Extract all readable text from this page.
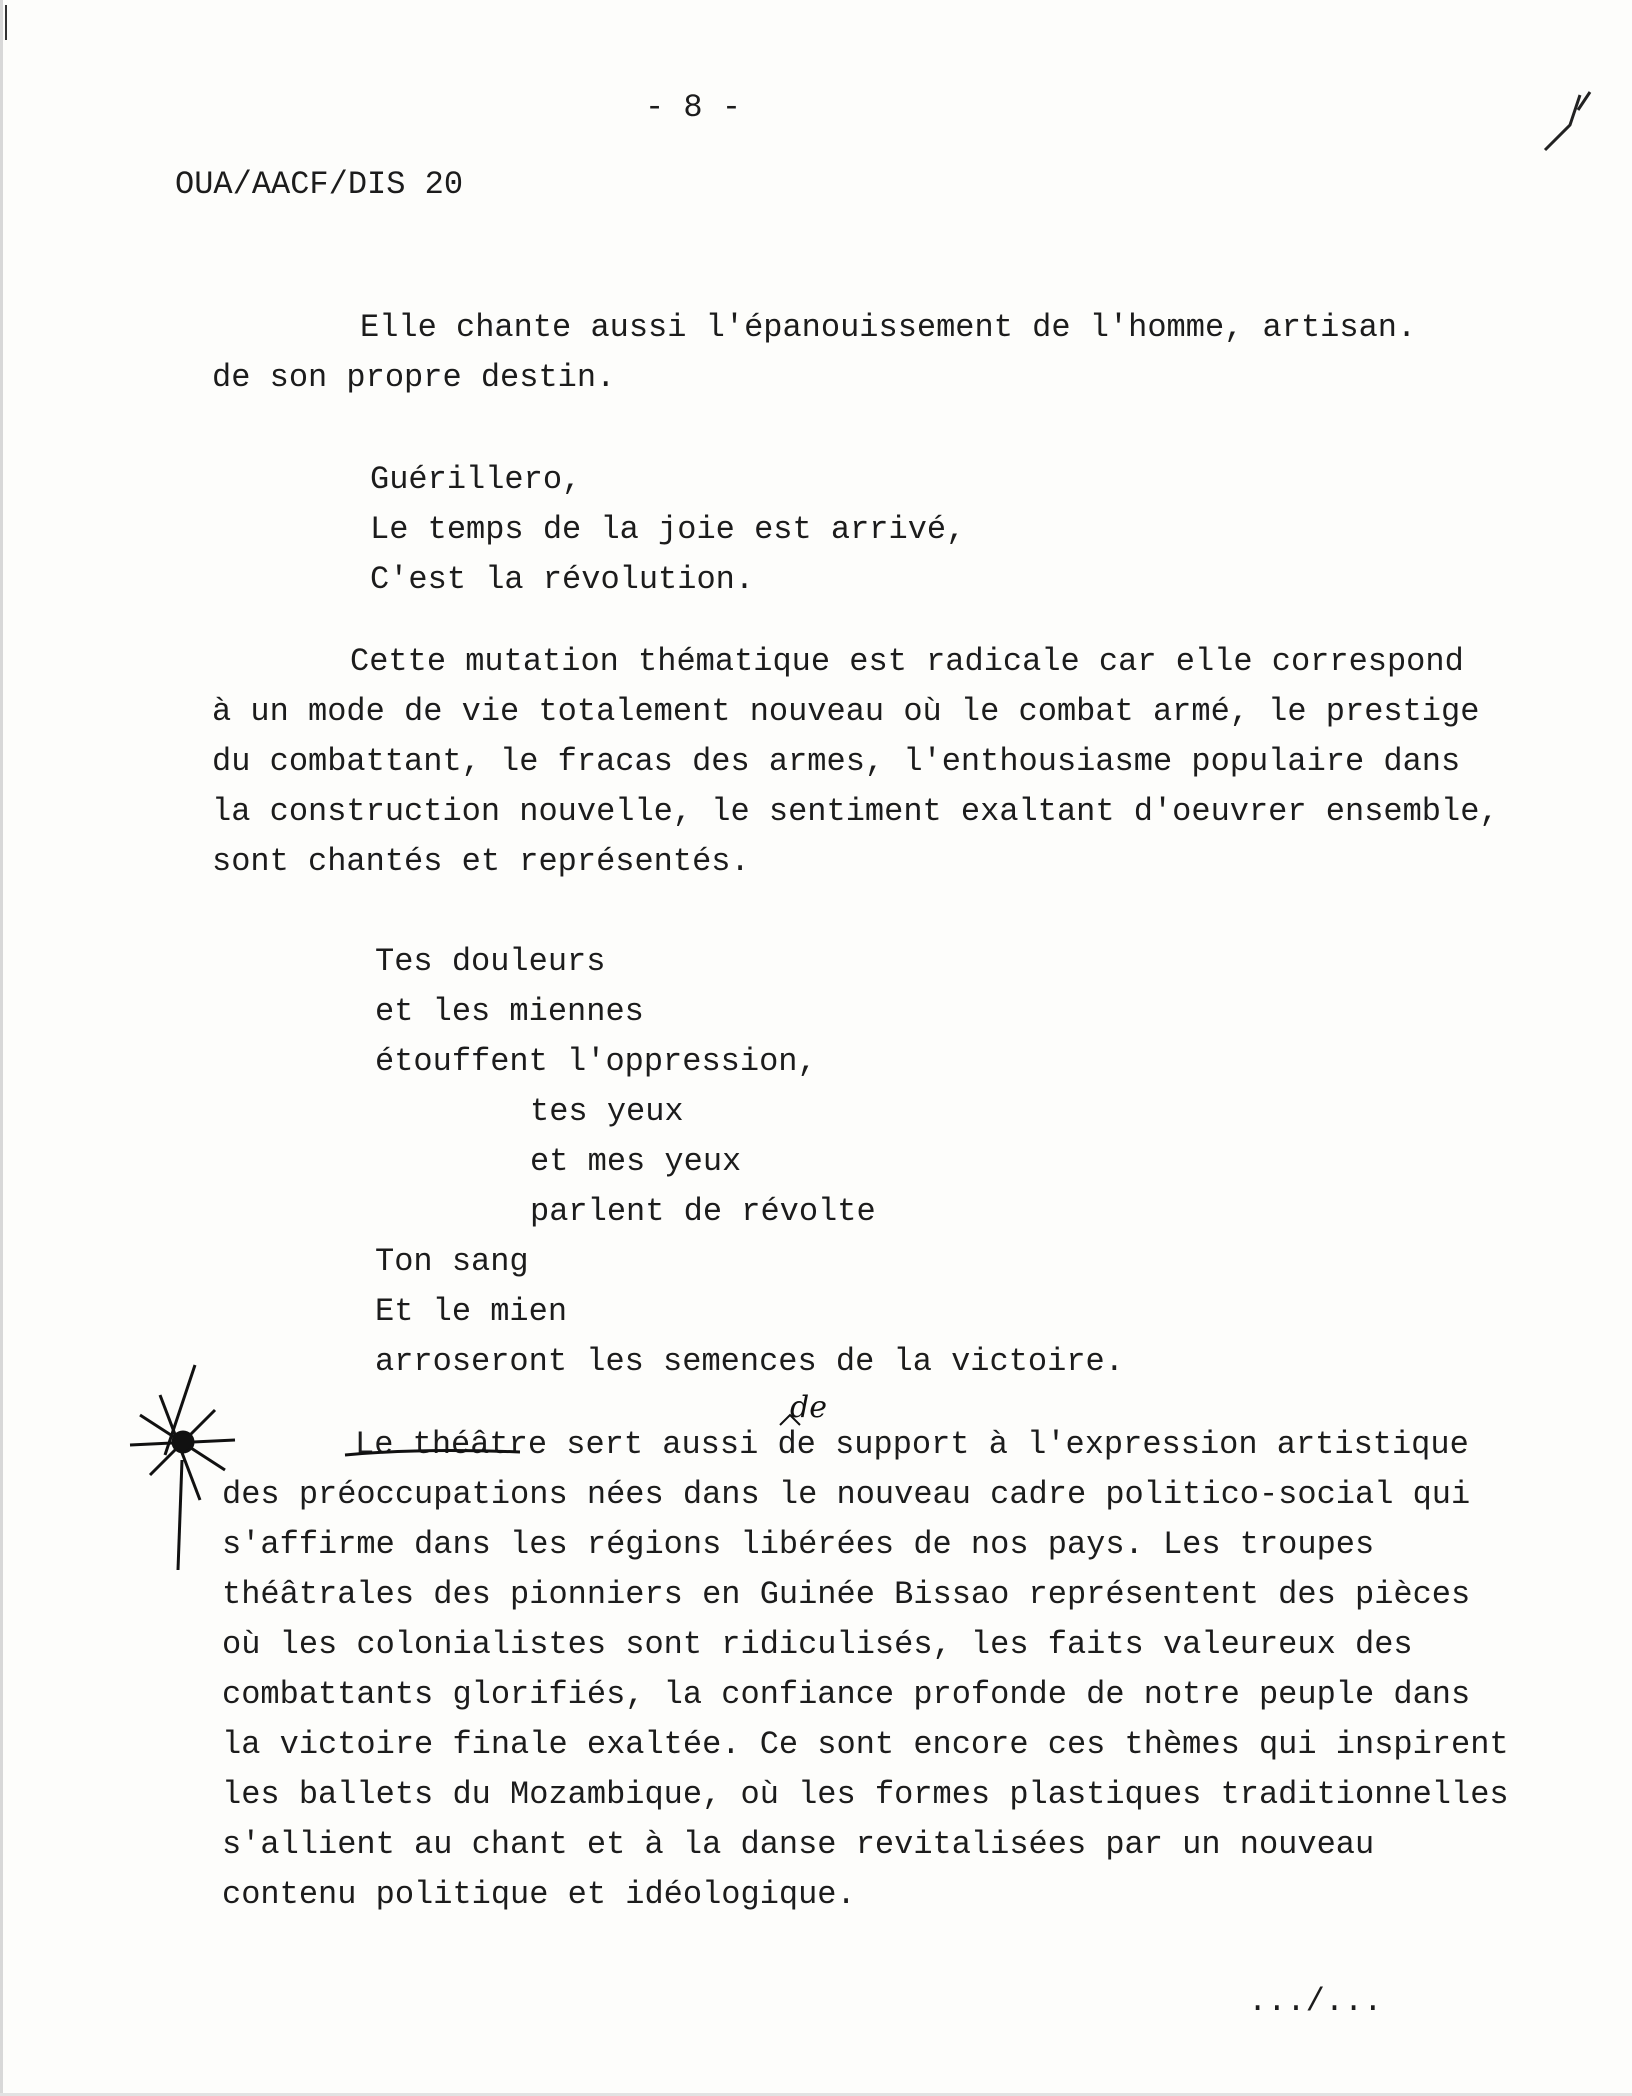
- 8 -
OUA/AACF/DIS 20
Elle chante aussi l'épanouissement de l'homme, artisan.
de son propre destin.
Guérillero,
Le temps de la joie est arrivé,
C'est la révolution.
Cette mutation thématique est radicale car elle correspond
à un mode de vie totalement nouveau où le combat armé, le prestige
du combattant, le fracas des armes, l'enthousiasme populaire dans
la construction nouvelle, le sentiment exaltant d'oeuvrer ensemble,
sont chantés et représentés.
Tes douleurs
et les miennes
étouffent l'oppression,
tes yeux
et mes yeux
parlent de révolte
Ton sang
Et le mien
arroseront les semences de la victoire.
de
Le théâtre sert aussi de support à l'expression artistique
des préoccupations nées dans le nouveau cadre politico-social qui
s'affirme dans les régions libérées de nos pays. Les troupes
théâtrales des pionniers en Guinée Bissao représentent des pièces
où les colonialistes sont ridiculisés, les faits valeureux des
combattants glorifiés, la confiance profonde de notre peuple dans
la victoire finale exaltée. Ce sont encore ces thèmes qui inspirent
les ballets du Mozambique, où les formes plastiques traditionnelles
s'allient au chant et à la danse revitalisées par un nouveau
contenu politique et idéologique.
.../...
